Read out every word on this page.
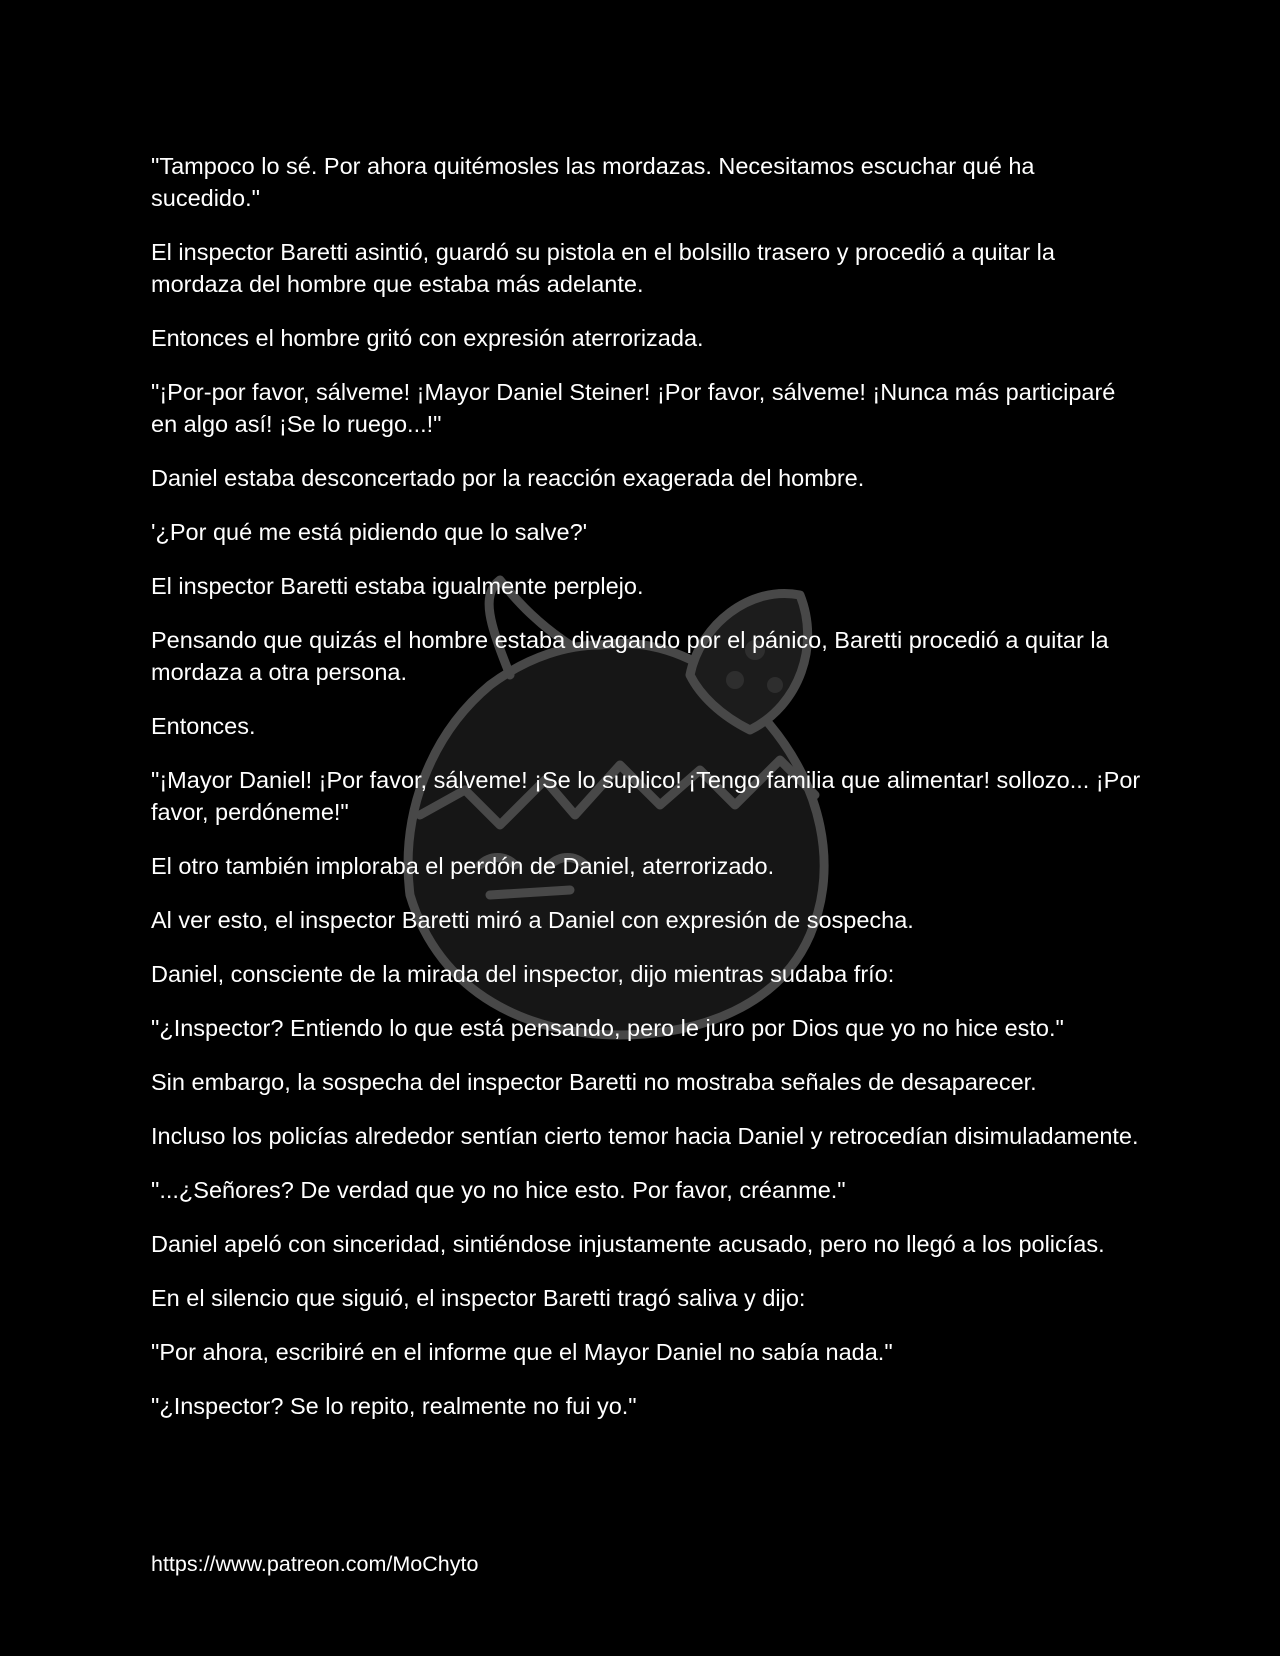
"Tampoco lo sé. Por ahora quitémosles las mordazas. Necesitamos escuchar qué ha sucedido."

El inspector Baretti asintió, guardó su pistola en el bolsillo trasero y procedió a quitar la mordaza del hombre que estaba más adelante.

Entonces el hombre gritó con expresión aterrorizada.

"¡Por-por favor, sálveme! ¡Mayor Daniel Steiner! ¡Por favor, sálveme! ¡Nunca más participaré en algo así! ¡Se lo ruego...!"

Daniel estaba desconcertado por la reacción exagerada del hombre.

'¿Por qué me está pidiendo que lo salve?'

El inspector Baretti estaba igualmente perplejo.

Pensando que quizás el hombre estaba divagando por el pánico, Baretti procedió a quitar la mordaza a otra persona.

Entonces.

"¡Mayor Daniel! ¡Por favor, sálveme! ¡Se lo suplico! ¡Tengo familia que alimentar! sollozo... ¡Por favor, perdóneme!"

El otro también imploraba el perdón de Daniel, aterrorizado.

Al ver esto, el inspector Baretti miró a Daniel con expresión de sospecha.

Daniel, consciente de la mirada del inspector, dijo mientras sudaba frío:

"¿Inspector? Entiendo lo que está pensando, pero le juro por Dios que yo no hice esto."

Sin embargo, la sospecha del inspector Baretti no mostraba señales de desaparecer.

Incluso los policías alrededor sentían cierto temor hacia Daniel y retrocedían disimuladamente.

"...¿Señores? De verdad que yo no hice esto. Por favor, créanme."

Daniel apeló con sinceridad, sintiéndose injustamente acusado, pero no llegó a los policías.

En el silencio que siguió, el inspector Baretti tragó saliva y dijo:

"Por ahora, escribiré en el informe que el Mayor Daniel no sabía nada."

"¿Inspector? Se lo repito, realmente no fui yo."

https://www.patreon.com/MoChyto
